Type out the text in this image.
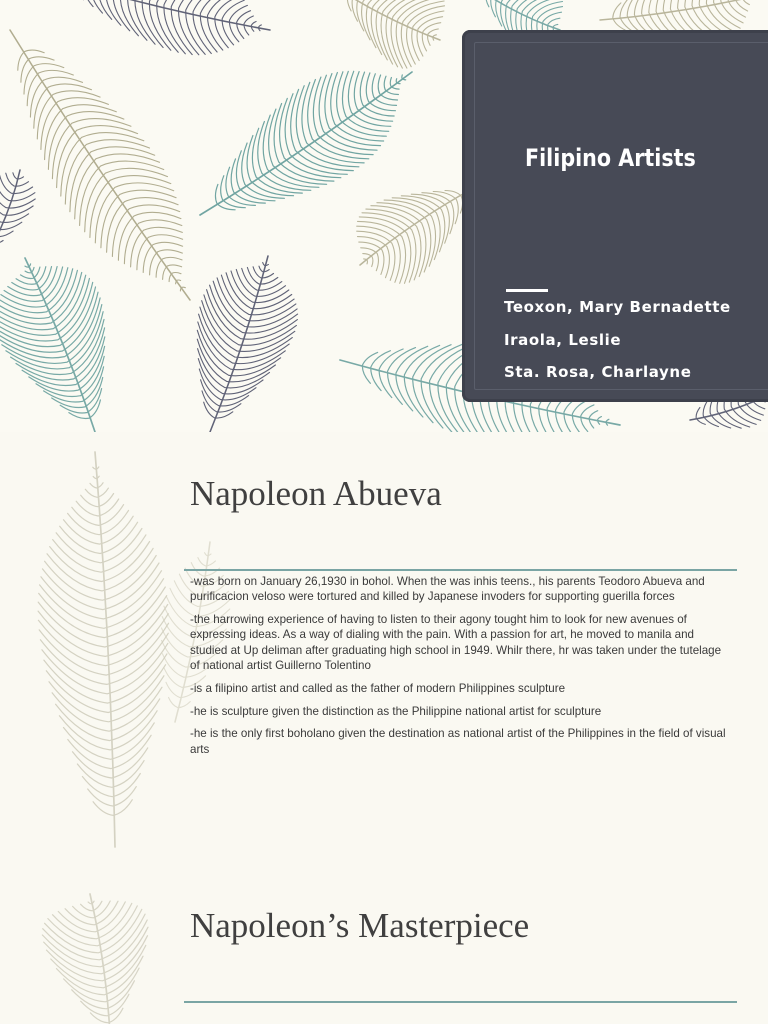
Filipino Artists
Teoxon, Mary Bernadette
Iraola, Leslie
Sta. Rosa, Charlayne
Napoleon Abueva

-was born on January 26,1930 in bohol. When the was inhis teens., his parents Teodoro Abueva and purificacion veloso were tortured and killed by Japanese invoders for supporting guerilla forces

-the harrowing experience of having to listen to their agony tought him to look for new avenues of expressing ideas. As a way of dialing with the pain. With a passion for art, he moved to manila and studied at Up deliman after graduating high school in 1949. Whilr there, hr was taken under the tutelage of national artist Guillerno Tolentino

-is a filipino artist and called as the father of modern Philippines sculpture

-he is sculpture given the distinction as the Philippine national artist for sculpture

-he is the only first boholano given the destination as national artist of the Philippines in the field of visual arts

Napoleon’s Masterpiece
